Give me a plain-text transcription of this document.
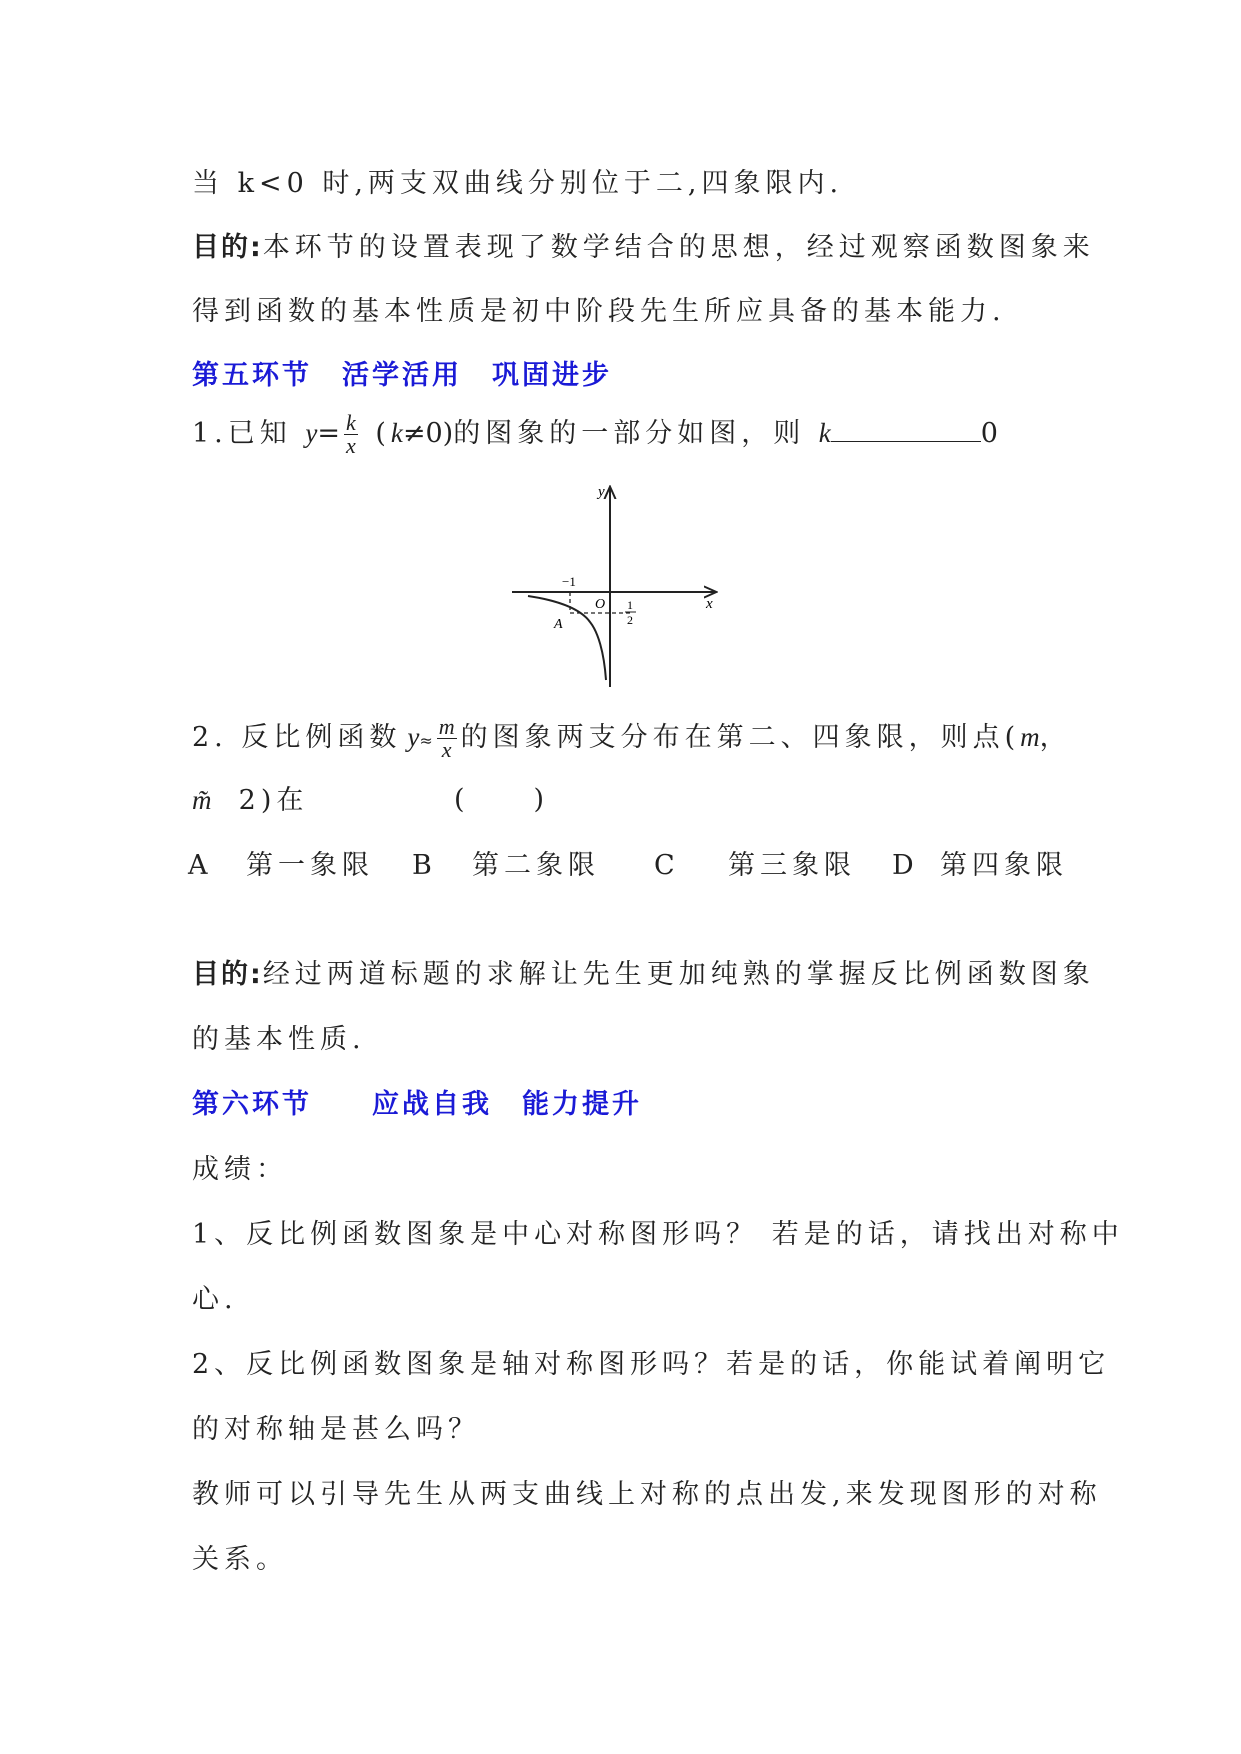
当 k<0 时,两支双曲线分别位于二,四象限内.
目的:本环节的设置表现了数学结合的思想，经过观察函数图象来
得到函数的基本性质是初中阶段先生所应具备的基本能力.
第五环节　活学活用　巩固进步
1.已知 $y= \frac{k}{x} (k\ne 0)$的图象的一部分如图，则 k	0
y
x
O
−1
A
1
2
2. 反比例函数 $y\approx \frac{m}{x}$ 的图象两支分布在第二、四象限，则点(m，
m̃ 2)在	(　　)
A 第一象限 B 第二象限 C 第三象限 D 第四象限
目的:经过两道标题的求解让先生更加纯熟的掌握反比例函数图象
的基本性质.
第六环节　　应战自我　能力提升
成绩：
1、反比例函数图象是中心对称图形吗？ 若是的话，请找出对称中
心.
2、反比例函数图象是轴对称图形吗？若是的话，你能试着阐明它
的对称轴是甚么吗？
教师可以引导先生从两支曲线上对称的点出发,来发现图形的对称
关系。
